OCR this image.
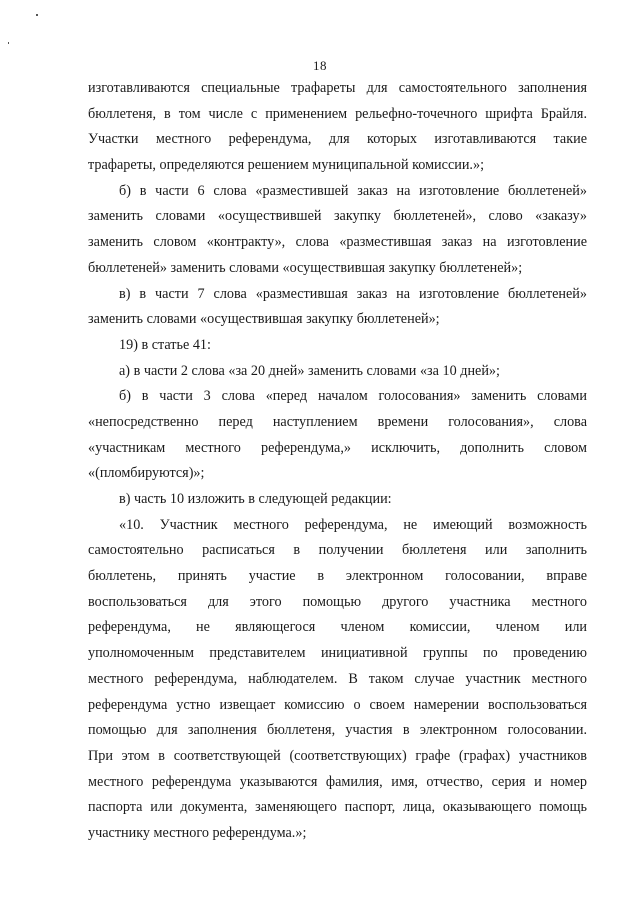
18
изготавливаются специальные трафареты для самостоятельного заполнения
бюллетеня, в том числе с применением рельефно-точечного шрифта Брайля.
Участки местного референдума, для которых изготавливаются такие
трафареты, определяются решением муниципальной комиссии.»;
б) в части 6 слова «разместившей заказ на изготовление бюллетеней»
заменить словами «осуществившей закупку бюллетеней», слово «заказу»
заменить словом «контракту», слова «разместившая заказ на изготовление
бюллетеней» заменить словами «осуществившая закупку бюллетеней»;
в) в части 7 слова «разместившая заказ на изготовление бюллетеней»
заменить словами «осуществившая закупку бюллетеней»;
19) в статье 41:
а) в части 2 слова «за 20 дней» заменить словами «за 10 дней»;
б) в части 3 слова «перед началом голосования» заменить словами
«непосредственно перед наступлением времени голосования», слова
«участникам местного референдума,» исключить, дополнить словом
«(пломбируются)»;
в) часть 10 изложить в следующей редакции:
«10. Участник местного референдума, не имеющий возможность
самостоятельно расписаться в получении бюллетеня или заполнить
бюллетень, принять участие в электронном голосовании, вправе
воспользоваться для этого помощью другого участника местного
референдума, не являющегося членом комиссии, членом или
уполномоченным представителем инициативной группы по проведению
местного референдума, наблюдателем. В таком случае участник местного
референдума устно извещает комиссию о своем намерении воспользоваться
помощью для заполнения бюллетеня, участия в электронном голосовании.
При этом в соответствующей (соответствующих) графе (графах) участников
местного референдума указываются фамилия, имя, отчество, серия и номер
паспорта или документа, заменяющего паспорт, лица, оказывающего помощь
участнику местного референдума.»;
